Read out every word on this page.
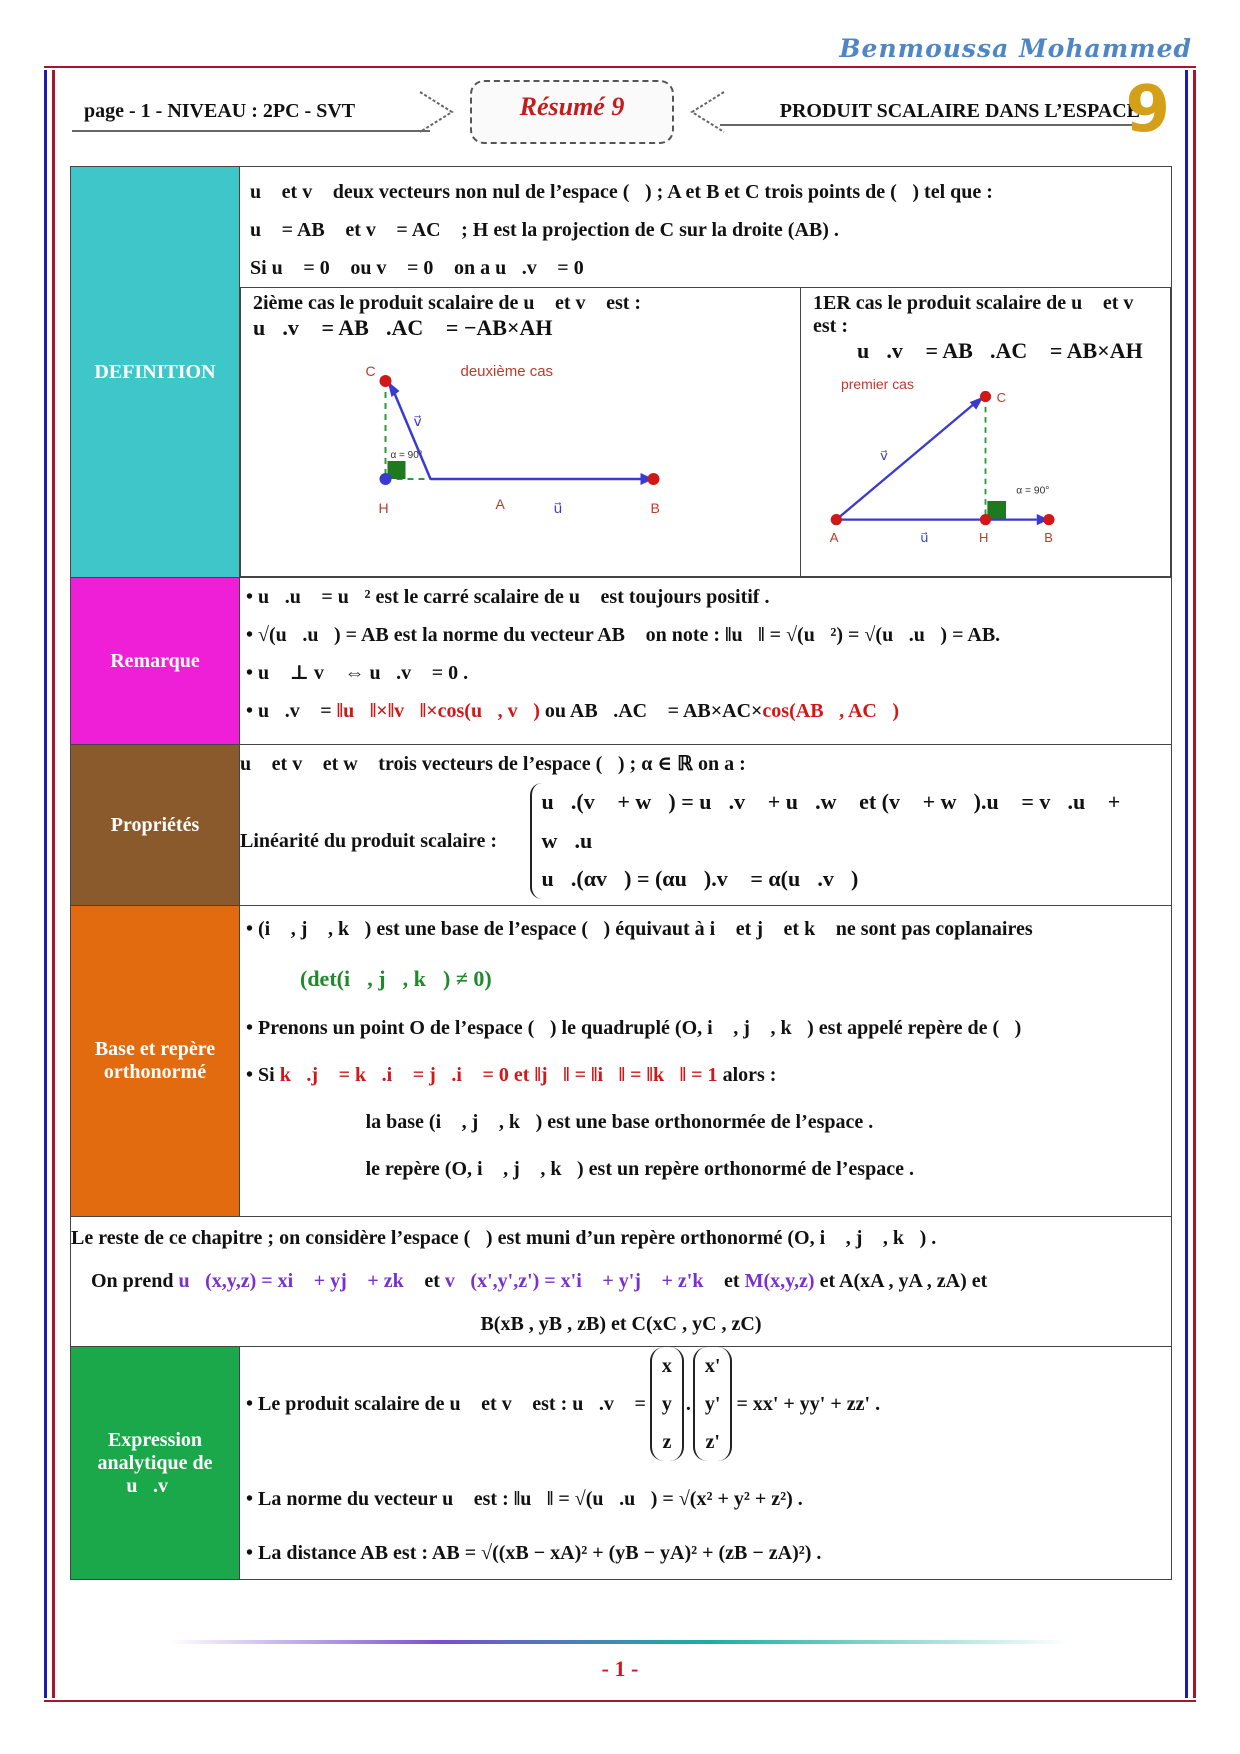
Benmoussa Mohammed
page - 1 - NIVEAU : 2PC - SVT	Résumé 9	PRODUIT SCALAIRE DANS L’ESPACE
9
DEFINITION	
u⃗ et v⃗ deux vecteurs non nul de l’espace (ℰ) ; A et B et C trois points de (ℰ) tel que :
u⃗ = AB⃗ et v⃗ = AC⃗ ; H est la projection de C sur la droite (AB) .
Si u⃗ = 0⃗ ou v⃗ = 0⃗ on a u⃗.v⃗ = 0
2ième cas le produit scalaire de u⃗ et v⃗ est :
u⃗.v⃗ = AB⃗.AC⃗ = −AB×AH
deuxième cas
C
H	A	B
v⃗
u⃗
α = 90°

1ER cas le produit scalaire de u⃗ et v⃗ est :
u⃗.v⃗ = AB⃗.AC⃗ = AB×AH
premier cas
C
A	H	B
v⃗
u⃗
α = 90°

Remarque	
• u⃗.u⃗ = u⃗² est le carré scalaire de u⃗ est toujours positif .
• √(u⃗.u⃗) = AB est la norme du vecteur AB⃗ on note : ‖u⃗‖ = √(u⃗²) = √(u⃗.u⃗) = AB.
• u⃗ ⊥ v⃗ ⇔ u⃗.v⃗ = 0 .
• u⃗.v⃗ = ‖u⃗‖×‖v⃗‖×cos(u⃗, v⃗) ou AB⃗.AC⃗ = AB×AC×cos(AB⃗, AC⃗)

Propriétés	
u⃗ et v⃗ et w⃗ trois vecteurs de l’espace (ℰ) ; α ∈ ℝ on a :
Linéarité du produit scalaire :
u⃗.(v⃗ + w⃗) = u⃗.v⃗ + u⃗.w⃗ et (v⃗ + w⃗).u⃗ = v⃗.u⃗ + w⃗.u⃗
u⃗.(αv⃗) = (αu⃗).v⃗ = α(u⃗.v⃗)

Base et repère orthonormé	
• (i⃗ , j⃗ , k⃗) est une base de l’espace (ℰ) équivaut à i⃗ et j⃗ et k⃗ ne sont pas coplanaires
(det(i⃗, j⃗, k⃗) ≠ 0)
• Prenons un point O de l’espace (ℰ) le quadruplé (O, i⃗ , j⃗ , k⃗) est appelé repère de (ℰ)
• Si k⃗.j⃗ = k⃗.i⃗ = j⃗.i⃗ = 0 et ‖j⃗‖ = ‖i⃗‖ = ‖k⃗‖ = 1 alors :
❖  la base (i⃗ , j⃗ , k⃗) est une base orthonormée de l’espace .
❖  le repère (O, i⃗ , j⃗ , k⃗) est un repère orthonormé de l’espace .

Le reste de ce chapitre ; on considère l’espace (ℰ) est muni d’un repère orthonormé (O, i⃗ , j⃗ , k⃗) .
On prend u⃗(x,y,z) = xi⃗ + yj⃗ + zk⃗ et v⃗(x',y',z') = x'i⃗ + y'j⃗ + z'k⃗ et M(x,y,z) et A(xA , yA , zA) et
B(xB , yB , zB) et C(xC , yC , zC)

Expression analytique de u⃗.v⃗	
• Le produit scalaire de u⃗ et v⃗ est : u⃗.v⃗ =
x
y
z
.
x'
y'
z'
= xx' + yy' + zz' .
• La norme du vecteur u⃗ est : ‖u⃗‖ = √(u⃗.u⃗) = √(x² + y² + z²) .
• La distance AB est : AB = √((xB − xA)² + (yB − yA)² + (zB − zA)²) .
- 1 -
